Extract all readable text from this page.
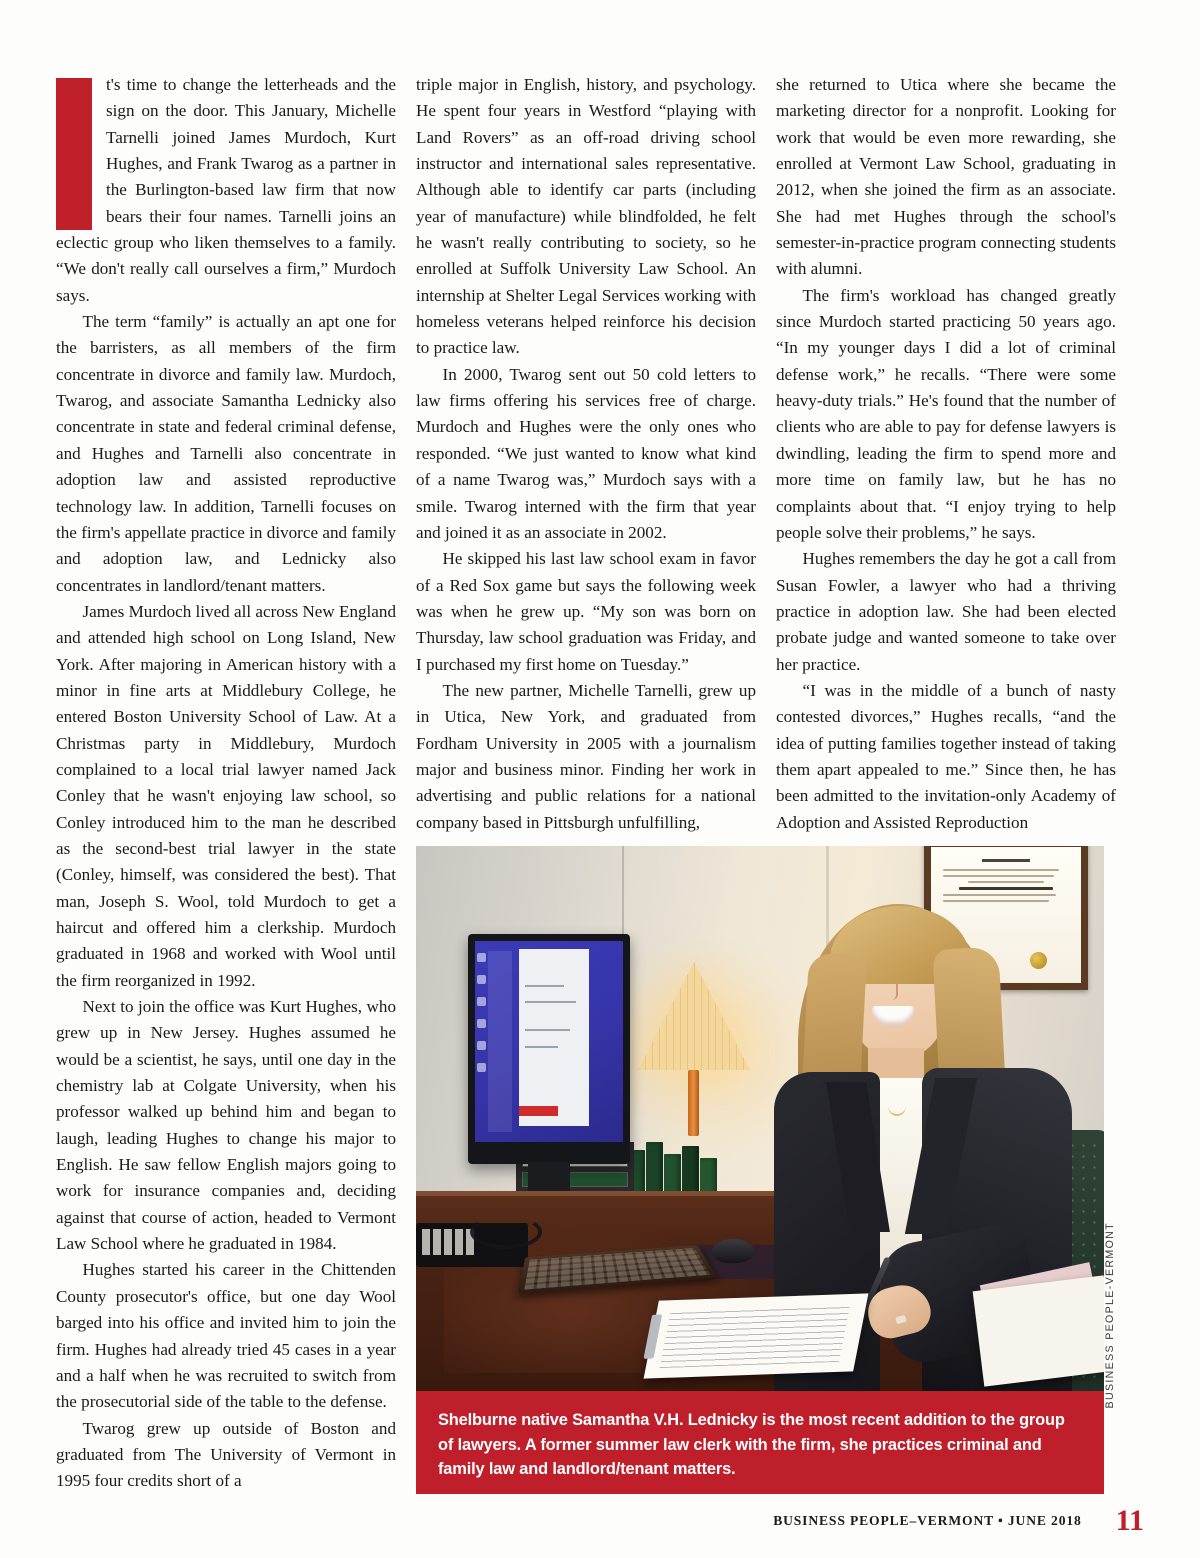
t's time to change the letterheads and the sign on the door. This January, Michelle Tarnelli joined James Murdoch, Kurt Hughes, and Frank Twarog as a partner in the Burlington-based law firm that now bears their four names. Tarnelli joins an eclectic group who liken themselves to a family. “We don't really call ourselves a firm,” Murdoch says.

The term “family” is actually an apt one for the barristers, as all members of the firm concentrate in divorce and family law. Murdoch, Twarog, and associate Samantha Lednicky also concentrate in state and federal criminal defense, and Hughes and Tarnelli also concentrate in adoption law and assisted reproductive technology law. In addition, Tarnelli focuses on the firm's appellate practice in divorce and family and adoption law, and Lednicky also concentrates in landlord/tenant matters.

James Murdoch lived all across New England and attended high school on Long Island, New York. After majoring in American history with a minor in fine arts at Middlebury College, he entered Boston University School of Law. At a Christmas party in Middlebury, Murdoch complained to a local trial lawyer named Jack Conley that he wasn't enjoying law school, so Conley introduced him to the man he described as the second-best trial lawyer in the state (Conley, himself, was considered the best). That man, Joseph S. Wool, told Murdoch to get a haircut and offered him a clerkship. Murdoch graduated in 1968 and worked with Wool until the firm reorganized in 1992.

Next to join the office was Kurt Hughes, who grew up in New Jersey. Hughes assumed he would be a scientist, he says, until one day in the chemistry lab at Colgate University, when his professor walked up behind him and began to laugh, leading Hughes to change his major to English. He saw fellow English majors going to work for insurance companies and, deciding against that course of action, headed to Vermont Law School where he graduated in 1984.

Hughes started his career in the Chittenden County prosecutor's office, but one day Wool barged into his office and invited him to join the firm. Hughes had already tried 45 cases in a year and a half when he was recruited to switch from the prosecutorial side of the table to the defense.

Twarog grew up outside of Boston and graduated from The University of Vermont in 1995 four credits short of a

triple major in English, history, and psychology. He spent four years in Westford “playing with Land Rovers” as an off-road driving school instructor and international sales representative. Although able to identify car parts (including year of manufacture) while blindfolded, he felt he wasn't really contributing to society, so he enrolled at Suffolk University Law School. An internship at Shelter Legal Services working with homeless veterans helped reinforce his decision to practice law.

In 2000, Twarog sent out 50 cold letters to law firms offering his services free of charge. Murdoch and Hughes were the only ones who responded. “We just wanted to know what kind of a name Twarog was,” Murdoch says with a smile. Twarog interned with the firm that year and joined it as an associate in 2002.

He skipped his last law school exam in favor of a Red Sox game but says the following week was when he grew up. “My son was born on Thursday, law school graduation was Friday, and I purchased my first home on Tuesday.”

The new partner, Michelle Tarnelli, grew up in Utica, New York, and graduated from Fordham University in 2005 with a journalism major and business minor. Finding her work in advertising and public relations for a national company based in Pittsburgh unfulfilling,

she returned to Utica where she became the marketing director for a nonprofit. Looking for work that would be even more rewarding, she enrolled at Vermont Law School, graduating in 2012, when she joined the firm as an associate. She had met Hughes through the school's semester-in-practice program connecting students with alumni.

The firm's workload has changed greatly since Murdoch started practicing 50 years ago. “In my younger days I did a lot of criminal defense work,” he recalls. “There were some heavy-duty trials.” He's found that the number of clients who are able to pay for defense lawyers is dwindling, leading the firm to spend more and more time on family law, but he has no complaints about that. “I enjoy trying to help people solve their problems,” he says.

Hughes remembers the day he got a call from Susan Fowler, a lawyer who had a thriving practice in adoption law. She had been elected probate judge and wanted someone to take over her practice.

“I was in the middle of a bunch of nasty contested divorces,” Hughes recalls, “and the idea of putting families together instead of taking them apart appealed to me.” Since then, he has been admitted to the invitation-only Academy of Adoption and Assisted Reproduction

Shelburne native Samantha V.H. Lednicky is the most recent addition to the group of lawyers. A former summer law clerk with the firm, she practices criminal and family law and landlord/tenant matters.
BUSINESS PEOPLE-VERMONT
BUSINESS PEOPLE–VERMONT • JUNE 2018 11
